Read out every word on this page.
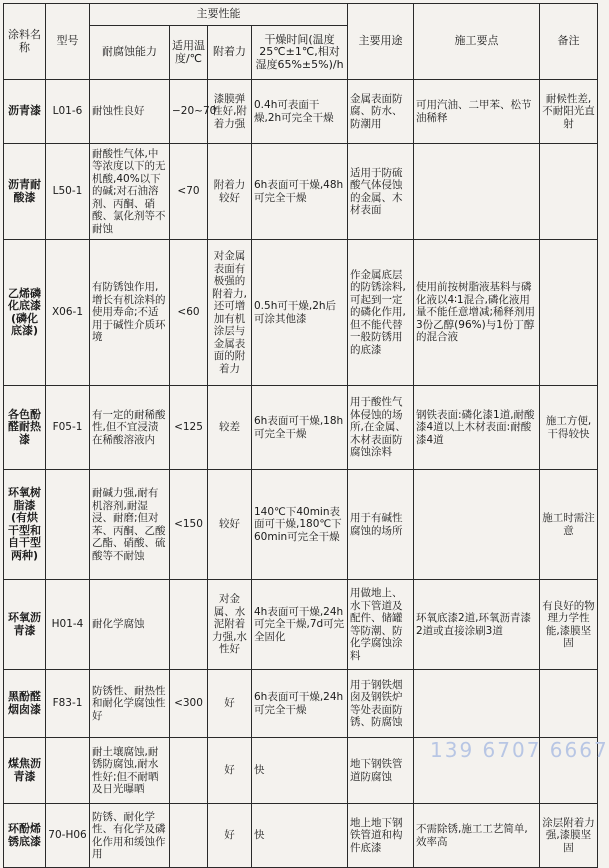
涂料名称	型号	主要性能				主要用途	施工要点	备注
		耐腐蚀能力	适用温度/℃	附着力	干燥时间(温度25℃±1℃,相对湿度65%±5%)/h			
沥青漆	L01-6	耐蚀性良好	−20~70	漆膜弹性好,附着力强	0.4h可表面干燥,2h可完全干燥	金属表面防腐、防水、防潮用	可用汽油、二甲苯、松节油稀释	耐候性差,不耐阳光直射
沥青耐酸漆	L50-1	耐酸性气体,中等浓度以下的无机酸,40%以下的碱;对石油溶剂、丙酮、硝酸、氯化剂等不耐蚀	<70	附着力较好	6h表面可干燥,48h可完全干燥	适用于防硫酸气体侵蚀的金属、木材表面		
乙烯磷化底漆(磷化底漆)	X06-1	有防锈蚀作用,增长有机涂料的使用寿命;不适用于碱性介质环境	<60	对金属表面有极强的附着力,还可增加有机涂层与金属表面的附着力	0.5h可干燥,2h后可涂其他漆	作金属底层的防锈涂料,可起到一定的磷化作用,但不能代替一般防锈用的底漆	使用前按树脂液基料与磷化液以4∶1混合,磷化液用量不能任意增减;稀释剂用3份乙醇(96%)与1份丁醇的混合液	
各色酚醛耐热漆	F05-1	有一定的耐稀酸性,但不宜浸渍在稀酸溶液内	<125	较差	6h表面可干燥,18h可完全干燥	用于酸性气体侵蚀的场所,在金属、木材表面防腐蚀涂料	钢铁表面:磷化漆1道,耐酸漆4道以上木材表面:耐酸漆4道	施工方便,干得较快
环氧树脂漆(有烘干型和自干型两种)		耐碱力强,耐有机溶剂,耐湿浸、耐磨;但对苯、丙酮、乙酸乙酯、硝酸、硫酸等不耐蚀	<150	较好	140℃下40min表面可干燥,180℃下60min可完全干燥	用于有碱性腐蚀的场所		施工时需注意
环氧沥青漆	H01-4	耐化学腐蚀		对金属、水泥附着力强,水性好	4h表面可干燥,24h可完全干燥,7d可完全固化	用做地上、水下管道及配件、储罐等防潮、防化学腐蚀涂料	环氧底漆2道,环氧沥青漆2道或直接涂刷3道	有良好的物理力学性能,漆膜坚固
黑酚醛烟囱漆	F83-1	防锈性、耐热性和耐化学腐蚀性好	<300	好	6h表面可干燥,24h可完全干燥	用于钢铁烟囱及钢铁炉等处表面防锈、防腐蚀		
煤焦沥青漆		耐土壤腐蚀,耐锈防腐蚀,耐水性好;但不耐晒及日光曝晒		好	快	地下钢铁管道防腐蚀		
环酚烯锈底漆	70-H06	防锈、耐化学性、有化学及磷化作用和缓蚀作用		好	快	地上地下钢铁管道和构件底漆	不需除锈,施工工艺简单,效率高	涂层附着力强,漆膜坚固
139 6707 6667
